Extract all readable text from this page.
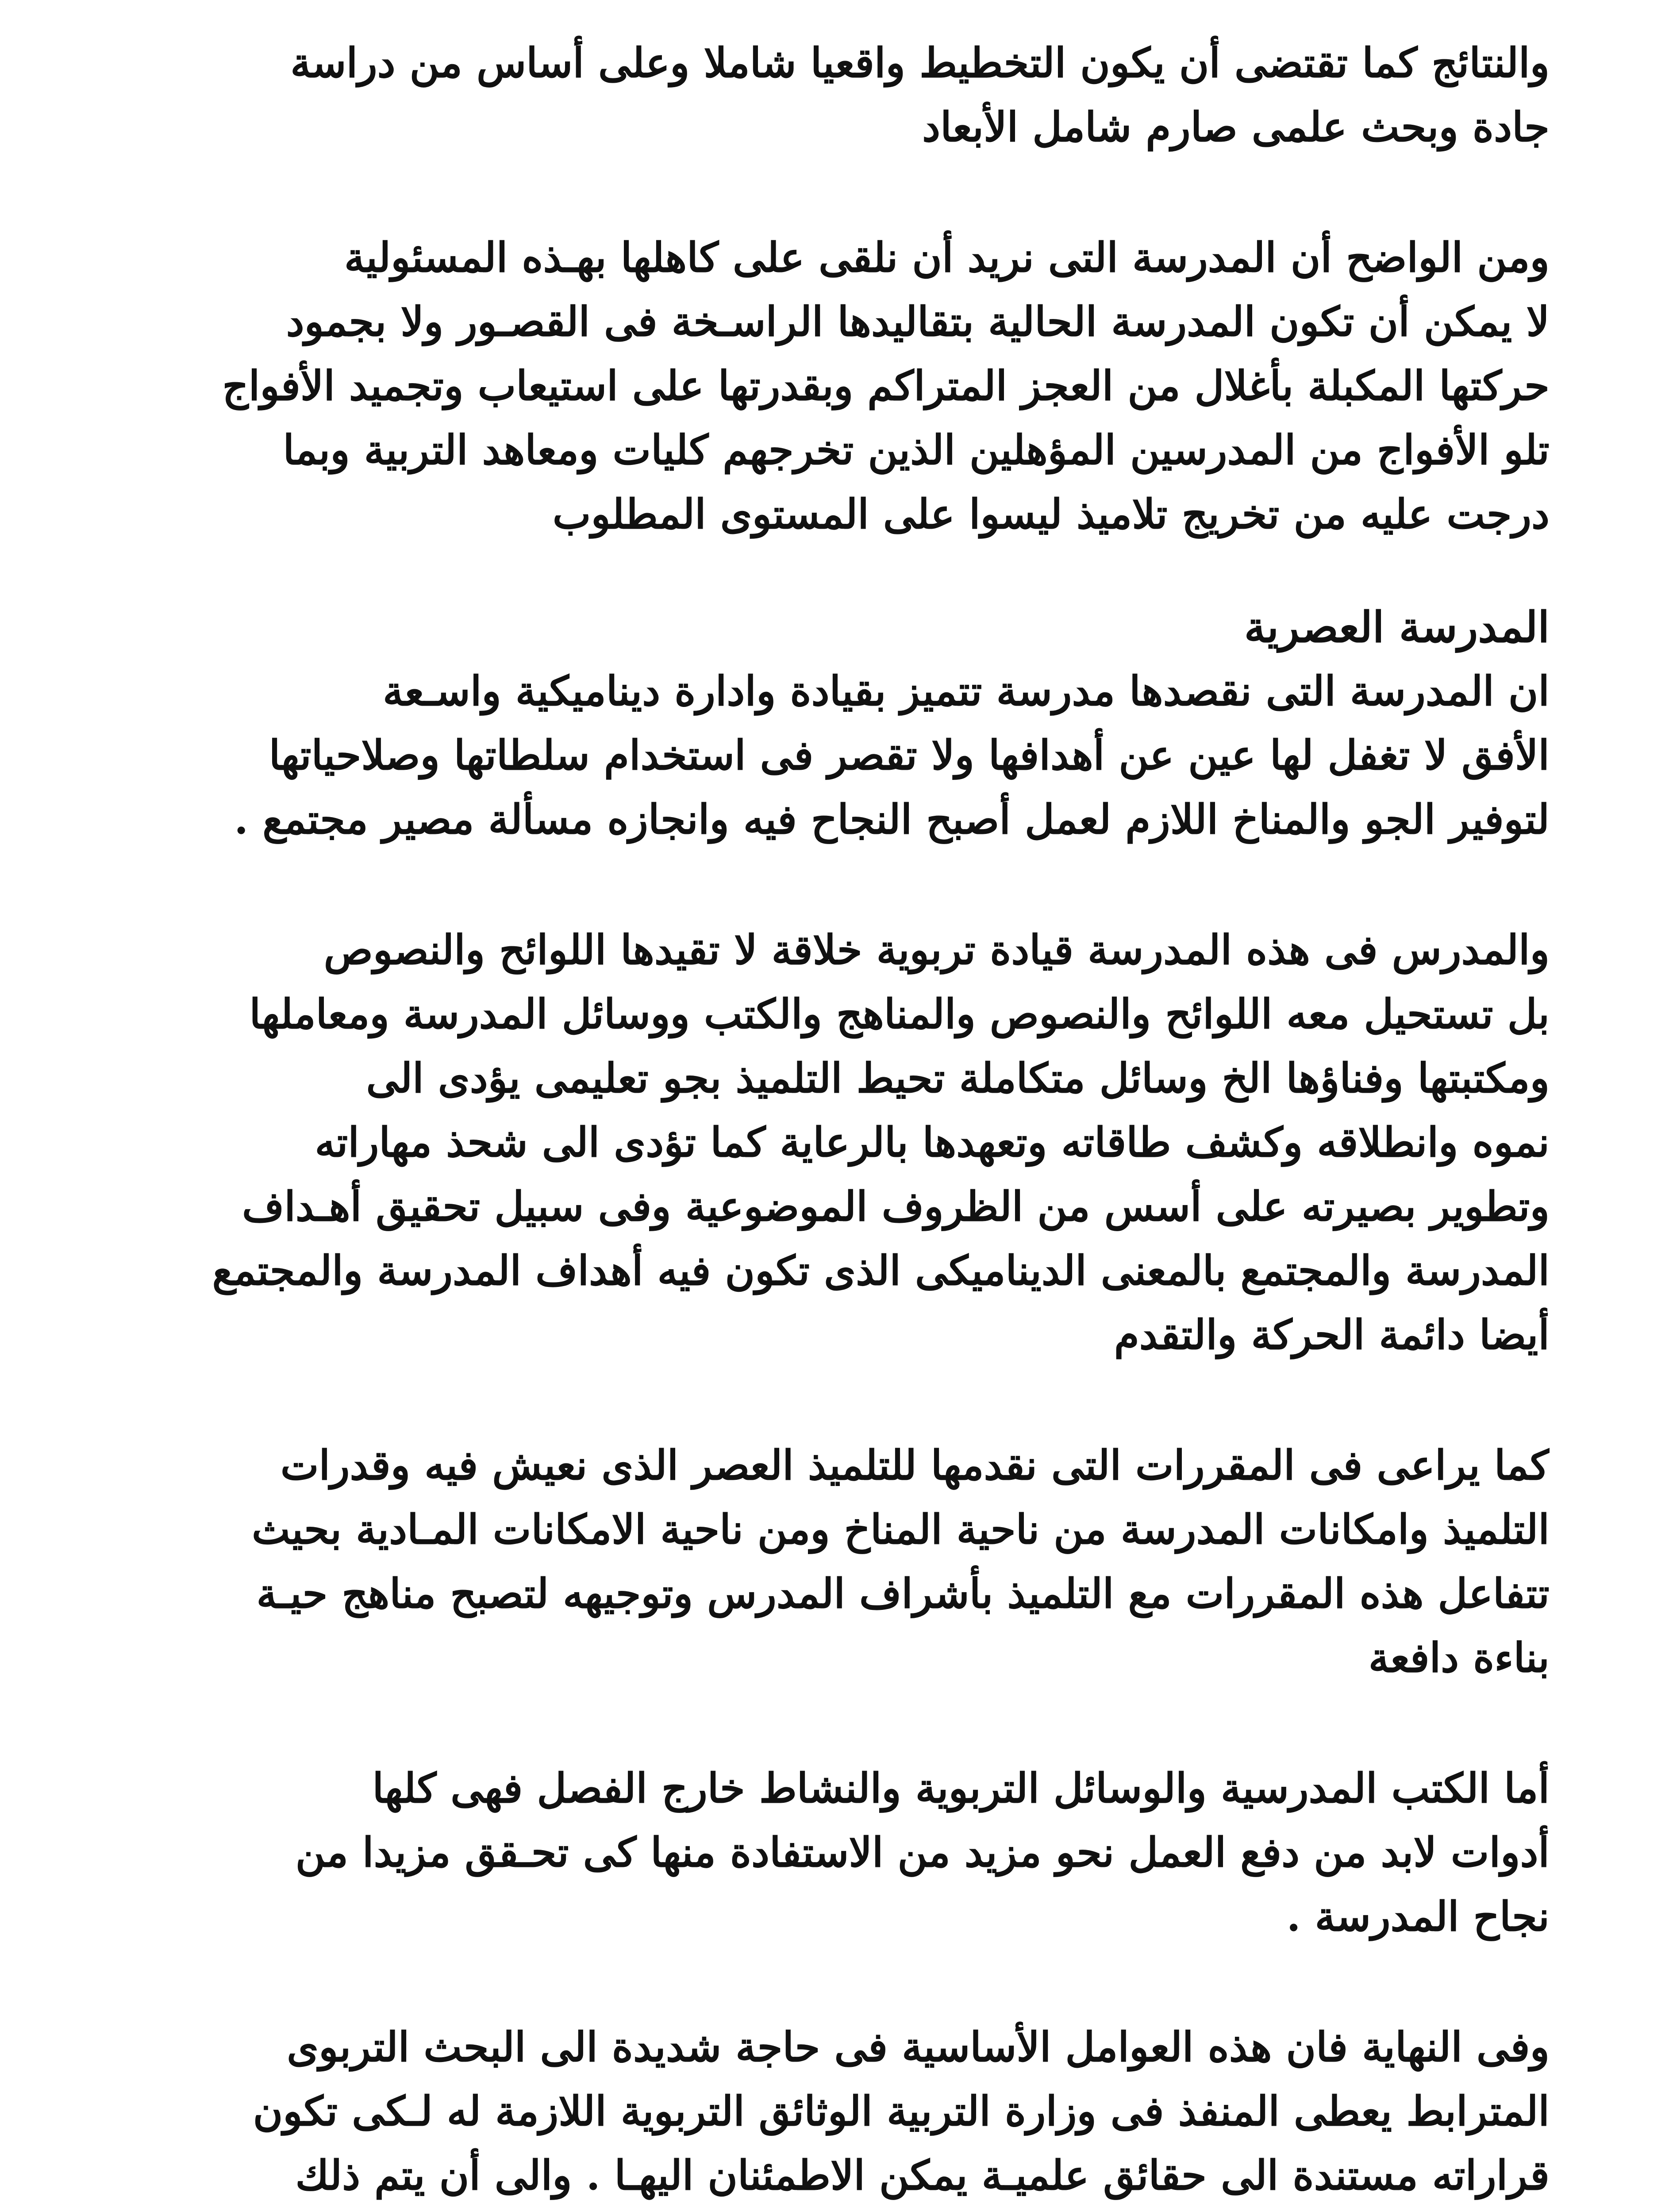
والنتائج كما تقتضى أن يكون التخطيط واقعيا شاملا وعلى أساس من دراسة
جادة وبحث علمى صارم شامل الأبعاد

ومن الواضح أن المدرسة التى نريد أن نلقى على كاهلها بهـذه المسئولية
لا يمكن أن تكون المدرسة الحالية بتقاليدها الراسـخة فى القصـور ولا بجمود
حركتها المكبلة بأغلال من العجز المتراكم وبقدرتها على استيعاب وتجميد الأفواج
تلو الأفواج من المدرسين المؤهلين الذين تخرجهم كليات ومعاهد التربية وبما
درجت عليه من تخريج تلاميذ ليسوا على المستوى المطلوب

المدرسة العصرية

ان المدرسة التى نقصدها مدرسة تتميز بقيادة وادارة ديناميكية واسـعة
الأفق لا تغفل لها عين عن أهدافها ولا تقصر فى استخدام سلطاتها وصلاحياتها
لتوفير الجو والمناخ اللازم لعمل أصبح النجاح فيه وانجازه مسألة مصير مجتمع .

والمدرس فى هذه المدرسة قيادة تربوية خلاقة لا تقيدها اللوائح والنصوص
بل تستحيل معه اللوائح والنصوص والمناهج والكتب ووسائل المدرسة ومعاملها
ومكتبتها وفناؤها الخ وسائل متكاملة تحيط التلميذ بجو تعليمى يؤدى الى
نموه وانطلاقه وكشف طاقاته وتعهدها بالرعاية كما تؤدى الى شحذ مهاراته
وتطوير بصيرته على أسس من الظروف الموضوعية وفى سبيل تحقيق أهـداف
المدرسة والمجتمع بالمعنى الديناميكى الذى تكون فيه أهداف المدرسة والمجتمع
أيضا دائمة الحركة والتقدم

كما يراعى فى المقررات التى نقدمها للتلميذ العصر الذى نعيش فيه وقدرات
التلميذ وامكانات المدرسة من ناحية المناخ ومن ناحية الامكانات المـادية بحيث
تتفاعل هذه المقررات مع التلميذ بأشراف المدرس وتوجيهه لتصبح مناهج حيـة
بناءة دافعة

أما الكتب المدرسية والوسائل التربوية والنشاط خارج الفصل فهى كلها
أدوات لابد من دفع العمل نحو مزيد من الاستفادة منها كى تحـقق مزيدا من
نجاح المدرسة .

وفى النهاية فان هذه العوامل الأساسية فى حاجة شديدة الى البحث التربوى
المترابط يعطى المنفذ فى وزارة التربية الوثائق التربوية اللازمة له لـكى تكون
قراراته مستندة الى حقائق علميـة يمكن الاطمئنان اليهـا . والى أن يتم ذلك
